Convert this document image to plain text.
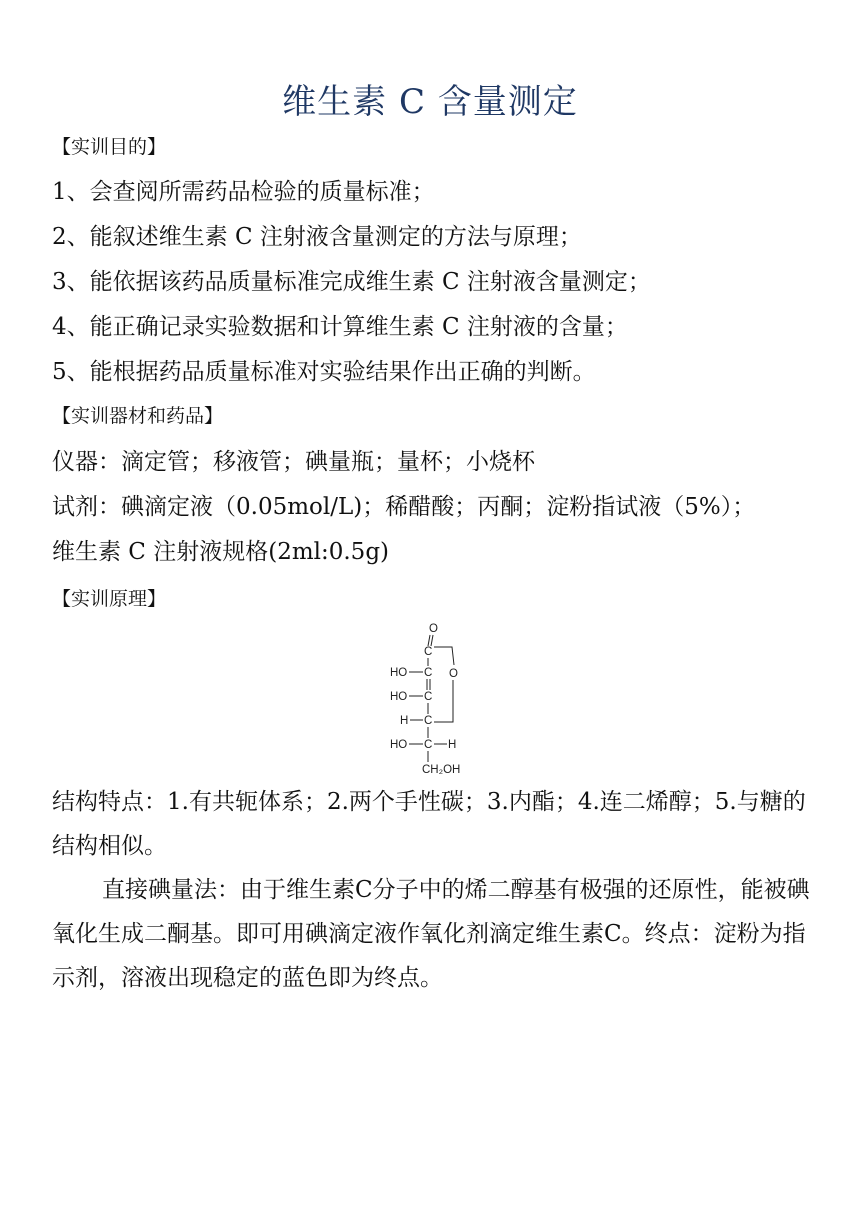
维生素 C 含量测定
【实训目的】
1、会查阅所需药品检验的质量标准；
2、能叙述维生素 C 注射液含量测定的方法与原理；
3、能依据该药品质量标准完成维生素 C 注射液含量测定；
4、能正确记录实验数据和计算维生素 C 注射液的含量；
5、能根据药品质量标准对实验结果作出正确的判断。
【实训器材和药品】
仪器：滴定管；移液管；碘量瓶；量杯；小烧杯
试剂：碘滴定液（0.05mol/L)；稀醋酸；丙酮；淀粉指试液（5%）；
维生素 C 注射液规格(2ml:0.5g)
【实训原理】
O
C
O
HO C
HO C
H C
HO C H
CH₂OH
结构特点：1.有共轭体系；2.两个手性碳；3.内酯；4.连二烯醇；5.与糖的结构相似。
直接碘量法：由于维生素C分子中的烯二醇基有极强的还原性，能被碘氧化生成二酮基。即可用碘滴定液作氧化剂滴定维生素C。终点：淀粉为指示剂，溶液出现稳定的蓝色即为终点。
